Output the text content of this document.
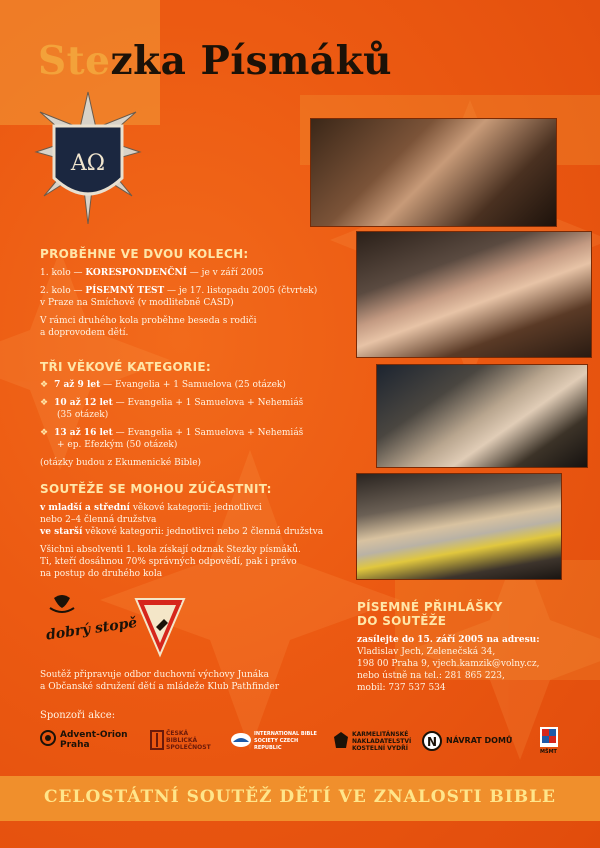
Stezka Písmáků
ΑΩ
PROBĚHNE VE DVOU KOLECH:
1. kolo — KORESPONDENČNÍ — je v září 2005
2. kolo — PÍSEMNÝ TEST — je 17. listopadu 2005 (čtvrtek)
v Praze na Smíchově (v modlitebně CASD)
V rámci druhého kola proběhne beseda s rodiči
a doprovodem dětí.
TŘI VĚKOVÉ KATEGORIE:
❖ 7 až 9 let — Evangelia + 1 Samuelova (25 otázek)
❖ 10 až 12 let — Evangelia + 1 Samuelova + Nehemiáš
(35 otázek)
❖ 13 až 16 let — Evangelia + 1 Samuelova + Nehemiáš
+ ep. Efezkým (50 otázek)
(otázky budou z Ekumenické Bible)
SOUTĚŽE SE MOHOU ZÚČASTNIT:
v mladší a střední věkové kategorii: jednotlivci
nebo 2–4 členná družstva
ve starší věkové kategorii: jednotlivci nebo 2 členná družstva
Všichni absolventi 1. kola získají odznak Stezky písmáků.
Ti, kteří dosáhnou 70% správných odpovědí, pak i právo
na postup do druhého kola
dobrý stopě
PATHFINDER
Soutěž připravuje odbor duchovní výchovy Junáka
a Občanské sdružení dětí a mládeže Klub Pathfinder
PÍSEMNÉ PŘIHLÁŠKY
DO SOUTĚŽE
zasílejte do 15. září 2005 na adresu:
Vladislav Jech, Zelenečská 34,
198 00 Praha 9, vjech.kamzik@volny.cz,
nebo ústně na tel.: 281 865 223,
mobil: 737 537 534
Sponzoři akce:
Advent-Orion Praha
ČESKÁ BIBLICKÁ SPOLEČNOST
INTERNATIONAL BIBLE SOCIETY CZECH REPUBLIC
KARMELITÁNSKÉ NAKLADATELSTVÍ KOSTELNÍ VYDŘÍ	N NÁVRAT DOMŮ
MŠMT
CELOSTÁTNÍ SOUTĚŽ DĚTÍ VE ZNALOSTI BIBLE
